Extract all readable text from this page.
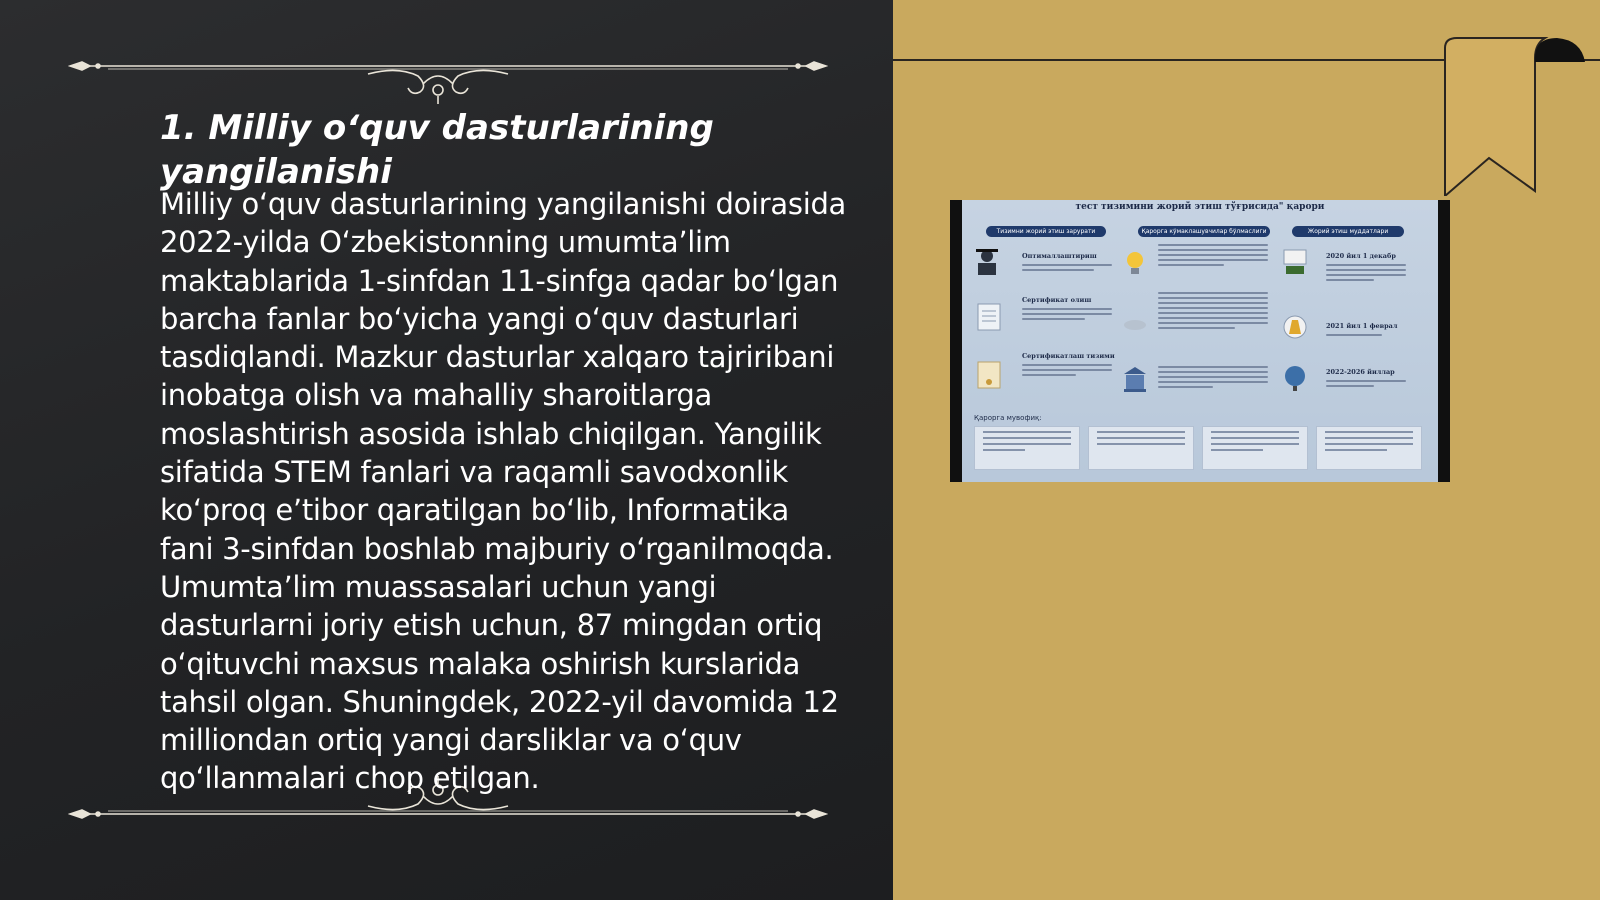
1. Milliy o‘quv dasturlarining yangilanishi

Milliy o‘quv dasturlarining yangilanishi doirasida 2022-yilda O‘zbekistonning umumta’lim maktablarida 1-sinfdan 11-sinfga qadar bo‘lgan barcha fanlar bo‘yicha yangi o‘quv dasturlari tasdiqlandi. Mazkur dasturlar xalqaro tajriribani inobatga olish va mahalliy sharoitlarga moslashtirish asosida ishlab chiqilgan. Yangilik sifatida STEM fanlari va raqamli savodxonlik ko‘proq e’tibor qaratilgan bo‘lib, Informatika fani 3-sinfdan boshlab majburiy o‘rganilmoqda. Umumta’lim muassasalari uchun yangi dasturlarni joriy etish uchun, 87 mingdan ortiq o‘qituvchi maxsus malaka oshirish kurslarida tahsil olgan. Shuningdek, 2022-yil davomida 12 milliondan ortiq yangi darsliklar va o‘quv qo‘llanmalari chop etilgan.

тест тизимини жорий этиш тўғрисида" қарори
Тизимни жорий этиш зарурати	Қарорга кўмаклашувчилар бўлмаслиги	Жорий этиш муддатлари
Оптималлаштириш
Сертификат олиш
Сертификатлаш тизими
2020 йил 1 декабр
2021 йил 1 феврал
2022-2026 йиллар
Қарорга мувофиқ:
